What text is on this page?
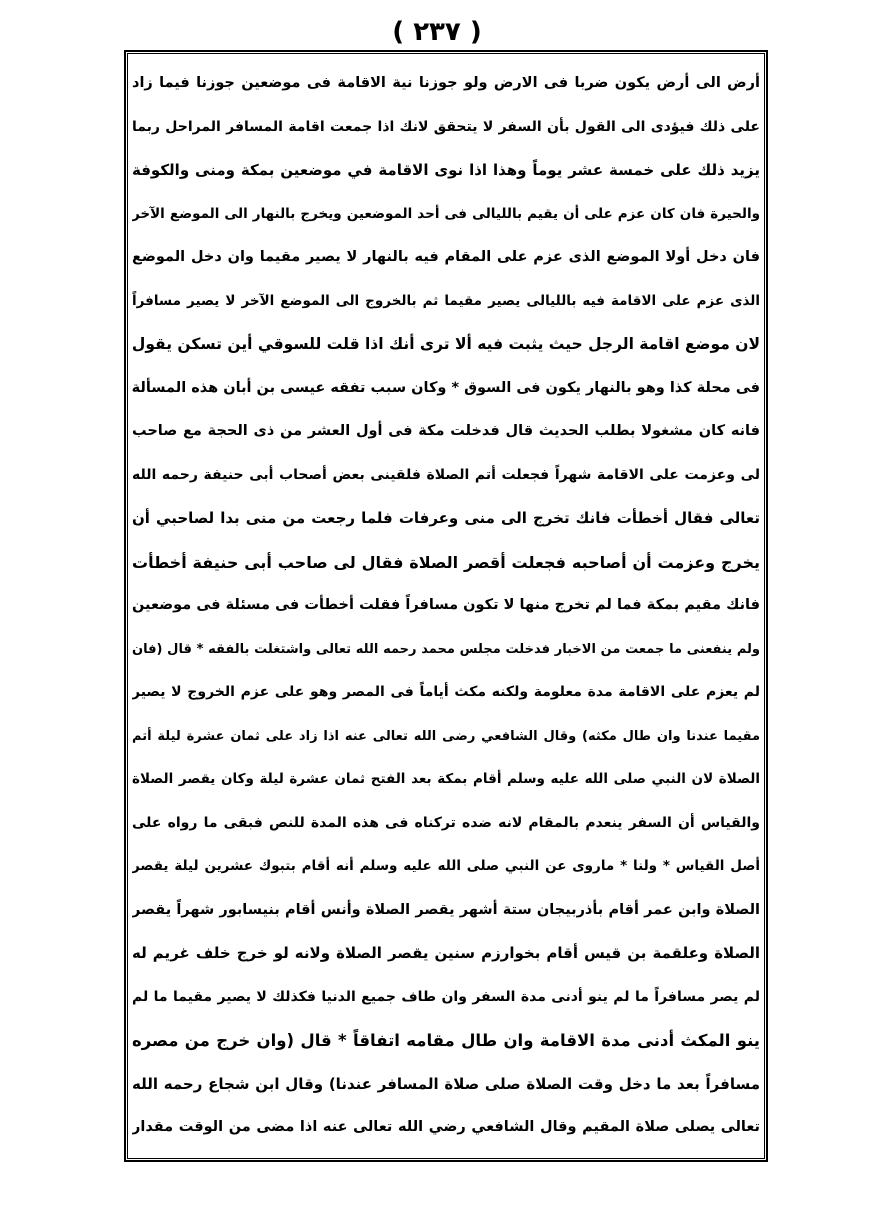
( ٢٣٧ )
أرض الى أرض يكون ضربا فى الارض ولو جوزنا نية الاقامة فى موضعين جوزنا فيما زاد
على ذلك فيؤدى الى القول بأن السفر لا يتحقق لانك اذا جمعت اقامة المسافر المراحل ربما
يزيد ذلك على خمسة عشر يوماً وهذا اذا نوى الاقامة في موضعين بمكة ومنى والكوفة
والحيرة فان كان عزم على أن يقيم بالليالى فى أحد الموضعين ويخرج بالنهار الى الموضع الآخر
فان دخل أولا الموضع الذى عزم على المقام فيه بالنهار لا يصير مقيما وان دخل الموضع
الذى عزم على الاقامة فيه بالليالى يصير مقيما ثم بالخروج الى الموضع الآخر لا يصير مسافراً
لان موضع اقامة الرجل حيث يثبت فيه ألا ترى أنك اذا قلت للسوقي أين تسكن يقول
فى محلة كذا وهو بالنهار يكون فى السوق * وكان سبب تفقه عيسى بن أبان هذه المسألة
فانه كان مشغولا بطلب الحديث قال فدخلت مكة فى أول العشر من ذى الحجة مع صاحب
لى وعزمت على الاقامة شهراً فجعلت أتم الصلاة فلقينى بعض أصحاب أبى حنيفة رحمه الله
تعالى فقال أخطأت فانك تخرج الى منى وعرفات فلما رجعت من منى بدا لصاحبي أن
يخرج وعزمت أن أصاحبه فجعلت أقصر الصلاة فقال لى صاحب أبى حنيفة أخطأت
فانك مقيم بمكة فما لم تخرج منها لا تكون مسافراً فقلت أخطأت فى مسئلة فى موضعين
ولم ينفعنى ما جمعت من الاخبار فدخلت مجلس محمد رحمه الله تعالى واشتغلت بالفقه * قال (فان
لم يعزم على الاقامة مدة معلومة ولكنه مكث أياماً فى المصر وهو على عزم الخروج لا يصير
مقيما عندنا وان طال مكثه) وقال الشافعي رضى الله تعالى عنه اذا زاد على ثمان عشرة ليلة أتم
الصلاة لان النبي صلى الله عليه وسلم أقام بمكة بعد الفتح ثمان عشرة ليلة وكان يقصر الصلاة
والقياس أن السفر ينعدم بالمقام لانه ضده تركناه فى هذه المدة للنص فبقى ما رواه على
أصل القياس * ولنا * ماروى عن النبي صلى الله عليه وسلم أنه أقام بتبوك عشرين ليلة يقصر
الصلاة وابن عمر أقام بأذربيجان ستة أشهر يقصر الصلاة وأنس أقام بنيسابور شهراً يقصر
الصلاة وعلقمة بن قيس أقام بخوارزم سنين يقصر الصلاة ولانه لو خرج خلف غريم له
لم يصر مسافراً ما لم ينو أدنى مدة السفر وان طاف جميع الدنيا فكذلك لا يصير مقيما ما لم
ينو المكث أدنى مدة الاقامة وان طال مقامه اتفاقاً * قال (وان خرج من مصره
مسافراً بعد ما دخل وقت الصلاة صلى صلاة المسافر عندنا) وقال ابن شجاع رحمه الله
تعالى يصلى صلاة المقيم وقال الشافعي رضي الله تعالى عنه اذا مضى من الوقت مقدار
